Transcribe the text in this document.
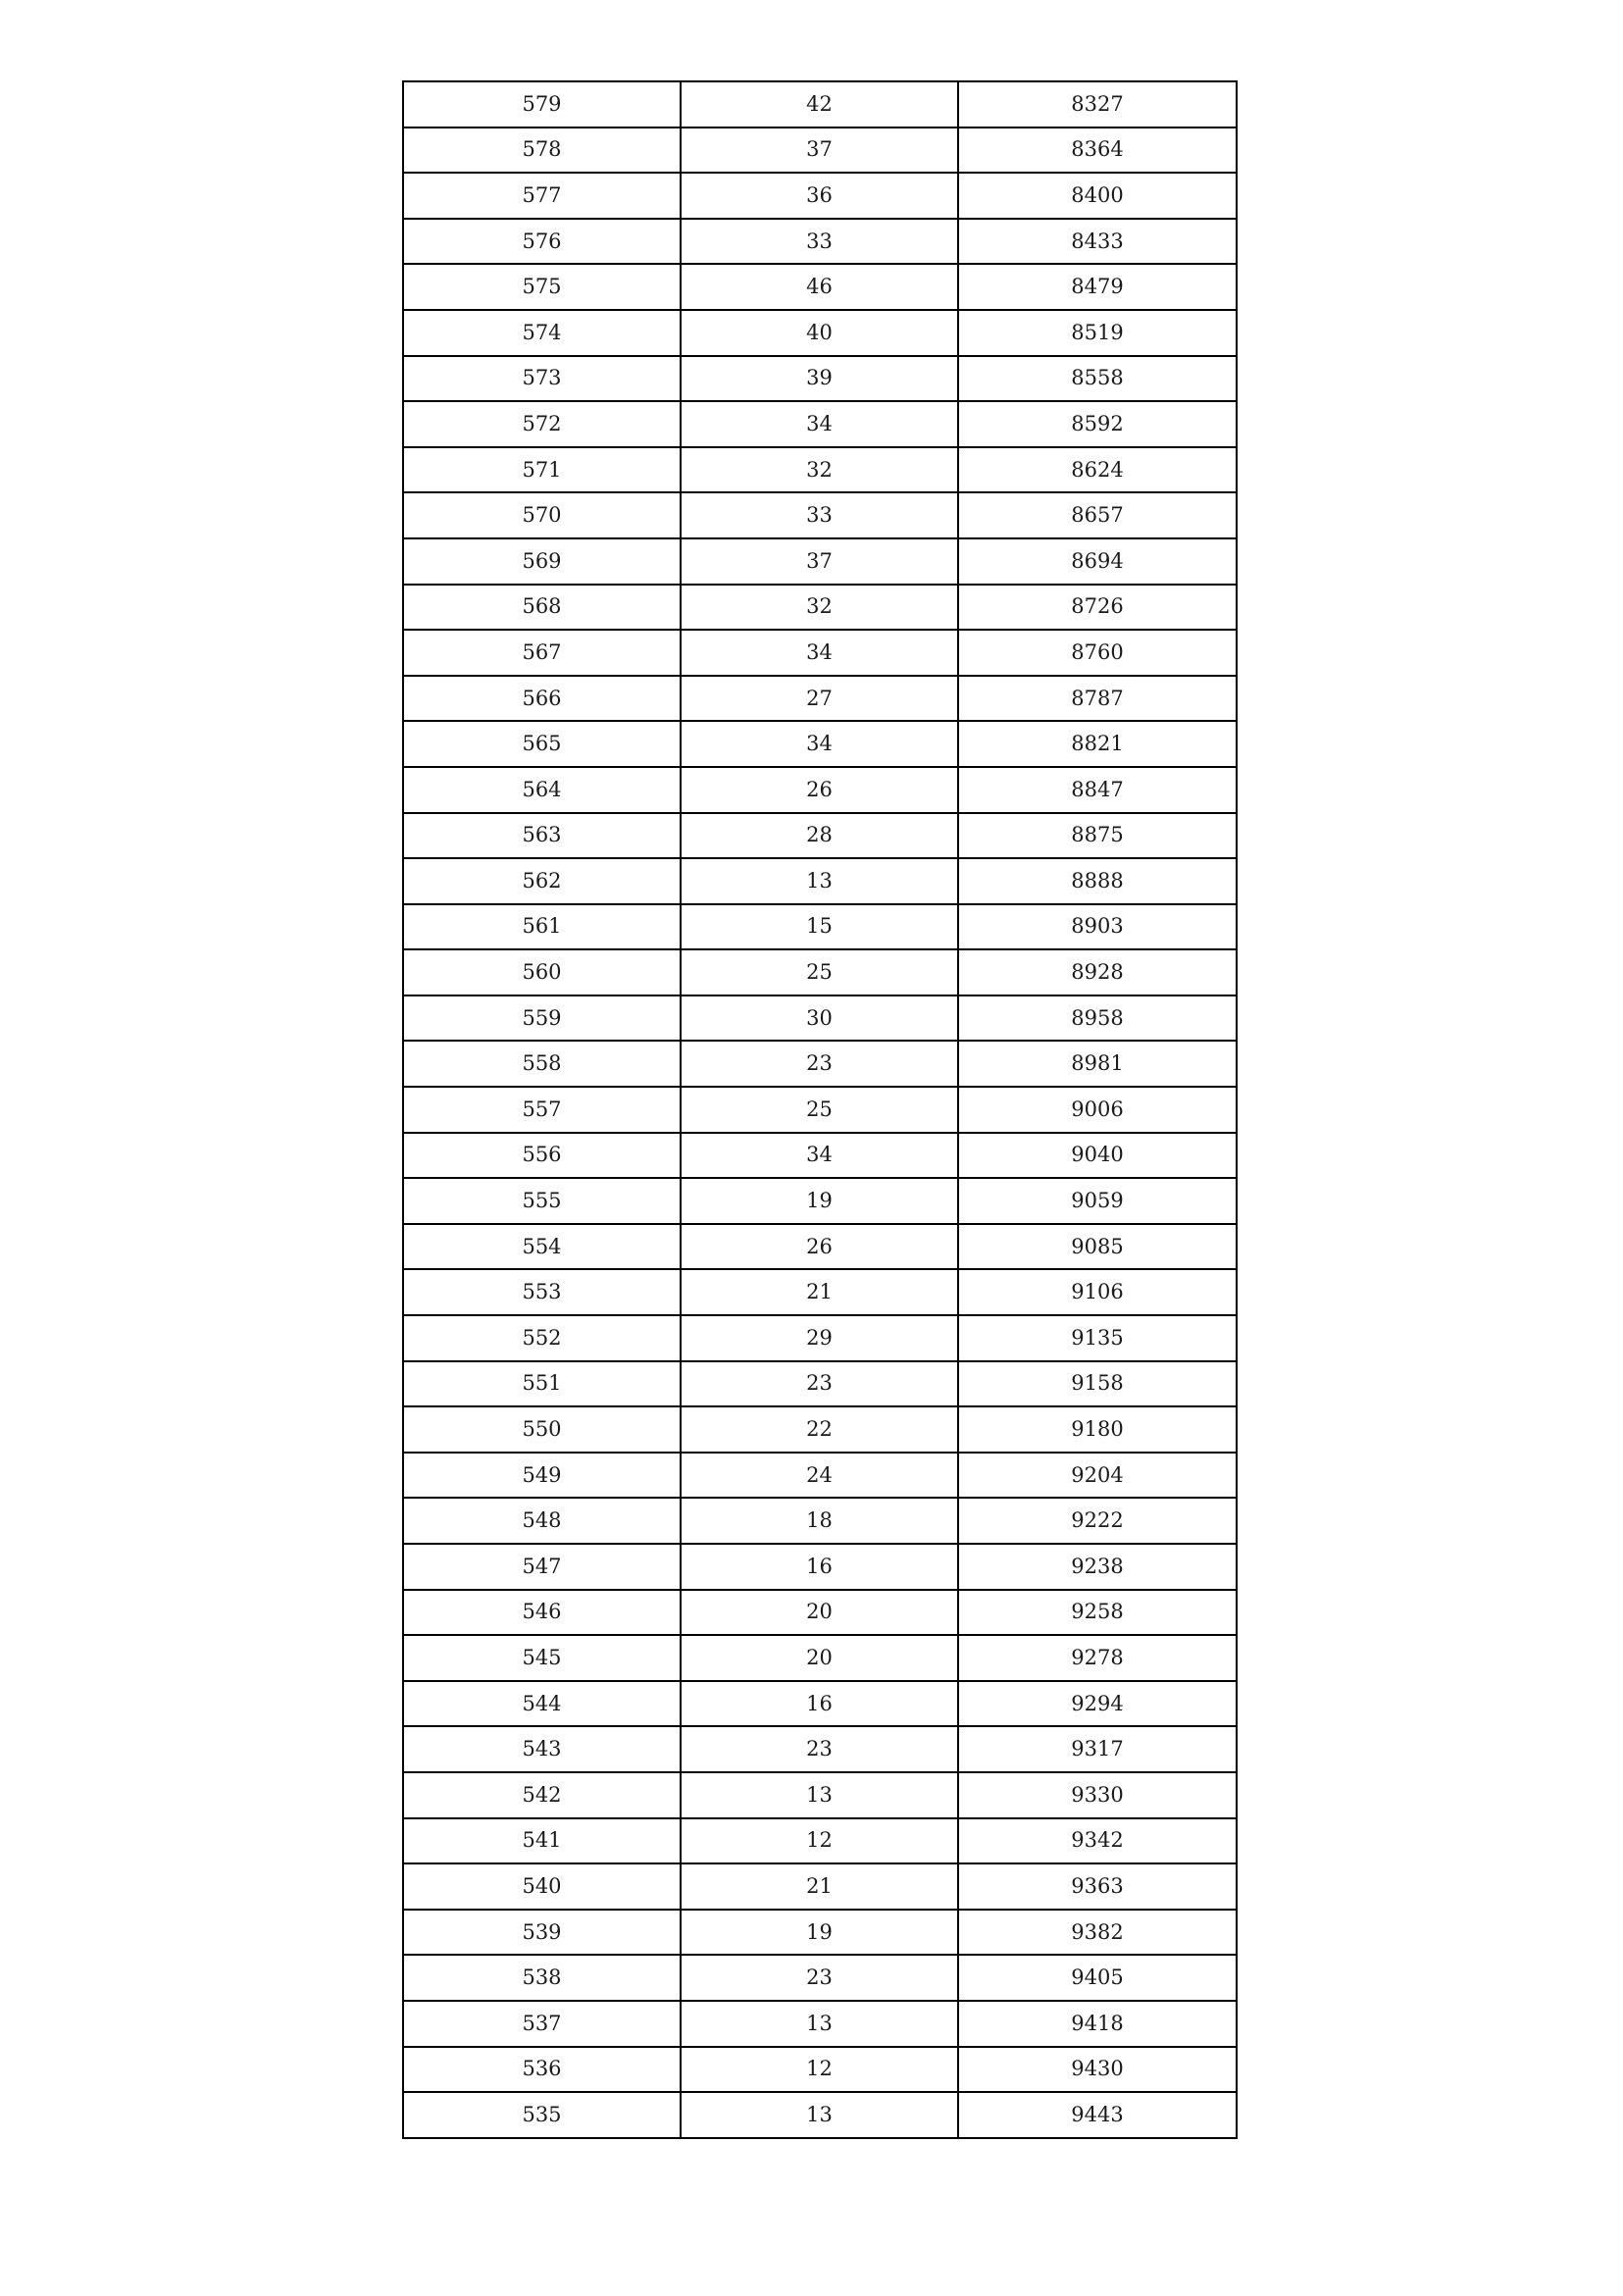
579	42	8327
578	37	8364
577	36	8400
576	33	8433
575	46	8479
574	40	8519
573	39	8558
572	34	8592
571	32	8624
570	33	8657
569	37	8694
568	32	8726
567	34	8760
566	27	8787
565	34	8821
564	26	8847
563	28	8875
562	13	8888
561	15	8903
560	25	8928
559	30	8958
558	23	8981
557	25	9006
556	34	9040
555	19	9059
554	26	9085
553	21	9106
552	29	9135
551	23	9158
550	22	9180
549	24	9204
548	18	9222
547	16	9238
546	20	9258
545	20	9278
544	16	9294
543	23	9317
542	13	9330
541	12	9342
540	21	9363
539	19	9382
538	23	9405
537	13	9418
536	12	9430
535	13	9443
